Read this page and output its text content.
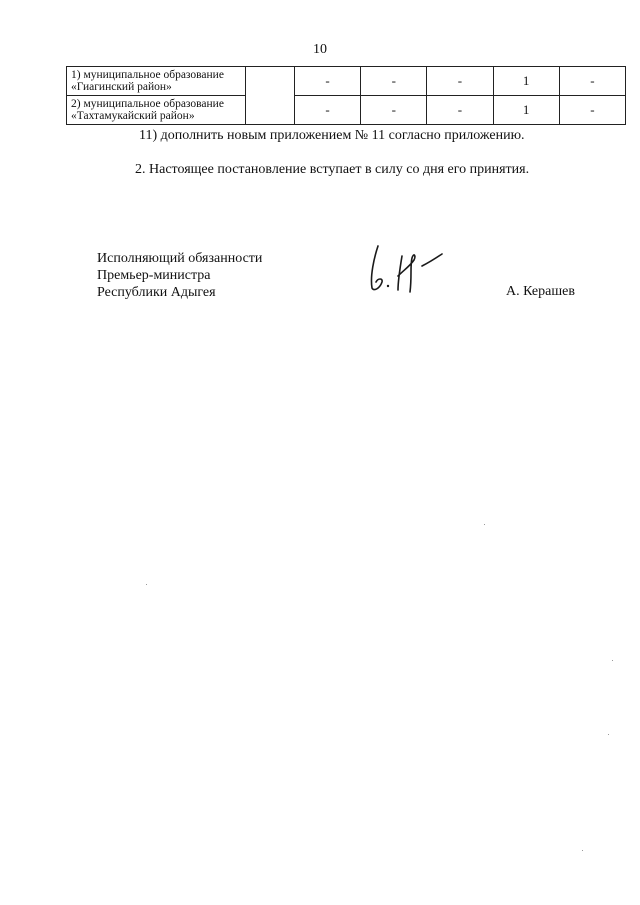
10
1) муниципальное образование
«Гиагинский район»		-	-	-	1	-

2) муниципальное образование
«Тахтамукайский район»		-	-	-	1	-
11) дополнить новым приложением № 11 согласно приложению.
2. Настоящее постановление вступает в силу со дня его принятия.
Исполняющий обязанности
Премьер-министра
Республики Адыгея	А. Керашев
